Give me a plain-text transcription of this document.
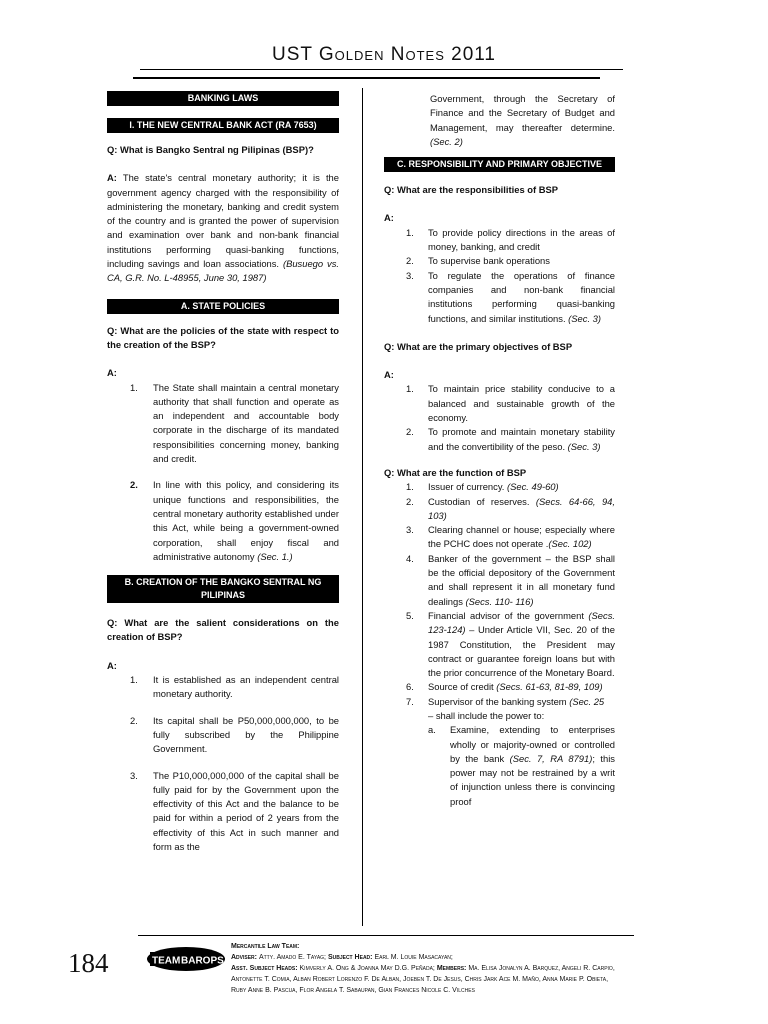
UST Golden Notes 2011
BANKING LAWS
I. THE NEW CENTRAL BANK ACT (RA 7653)
Q: What is Bangko Sentral ng Pilipinas (BSP)?
A: The state's central monetary authority; it is the government agency charged with the responsibility of administering the monetary, banking and credit system of the country and is granted the power of supervision and examination over bank and non-bank financial institutions performing quasi-banking functions, including savings and loan associations. (Busuego vs. CA, G.R. No. L-48955, June 30, 1987)
A. STATE POLICIES
Q: What are the policies of the state with respect to the creation of the BSP?
A:
1. The State shall maintain a central monetary authority that shall function and operate as an independent and accountable body corporate in the discharge of its mandated responsibilities concerning money, banking and credit.
2. In line with this policy, and considering its unique functions and responsibilities, the central monetary authority established under this Act, while being a government-owned corporation, shall enjoy fiscal and administrative autonomy (Sec. 1.)
B. CREATION OF THE BANGKO SENTRAL NG PILIPINAS
Q: What are the salient considerations on the creation of BSP?
A:
1. It is established as an independent central monetary authority.
2. Its capital shall be P50,000,000,000, to be fully subscribed by the Philippine Government.
3. The P10,000,000,000 of the capital shall be fully paid for by the Government upon the effectivity of this Act and the balance to be paid for within a period of 2 years from the effectivity of this Act in such manner and form as the
Government, through the Secretary of Finance and the Secretary of Budget and Management, may thereafter determine. (Sec. 2)
C. RESPONSIBILITY AND PRIMARY OBJECTIVE
Q: What are the responsibilities of BSP
A:
1. To provide policy directions in the areas of money, banking, and credit
2. To supervise bank operations
3. To regulate the operations of finance companies and non-bank financial institutions performing quasi-banking functions, and similar institutions. (Sec. 3)
Q: What are the primary objectives of BSP
A:
1. To maintain price stability conducive to a balanced and sustainable growth of the economy.
2. To promote and maintain monetary stability and the convertibility of the peso. (Sec. 3)
Q: What are the function of BSP
1. Issuer of currency. (Sec. 49-60)
2. Custodian of reserves. (Secs. 64-66, 94, 103)
3. Clearing channel or house; especially where the PCHC does not operate .(Sec. 102)
4. Banker of the government – the BSP shall be the official depository of the Government and shall represent it in all monetary fund dealings (Secs. 110- 116)
5. Financial advisor of the government (Secs. 123-124) – Under Article VII, Sec. 20 of the 1987 Constitution, the President may contract or guarantee foreign loans but with the prior concurrence of the Monetary Board.
6. Source of credit (Secs. 61-63, 81-89, 109)
7. Supervisor of the banking system (Sec. 25
– shall include the power to:
a. Examine, extending to enterprises wholly or majority-owned or controlled by the bank (Sec. 7, RA 8791); this power may not be restrained by a writ of injunction unless there is convincing proof
184	TEAM BAROPS
Mercantile Law Team:
Adviser: Atty. Amado E. Tayag; Subject Head: Earl M. Louie Masacayan;
Asst. Subject Heads: Kimverly A. Ong & Joanna May D.G. Peñada; Members: Ma. Elisa Jonalyn A. Barquez, Angeli R. Carpio,
Antonette T. Comia, Alban Robert Lorenzo F. De Alban, Joeben T. De Jesus, Chris Jark Ace M. Maño, Anna Marie P. Obieta,
Ruby Anne B. Pascua, Flor Angela T. Sabaupan, Gian Frances Nicole C. Vilches
